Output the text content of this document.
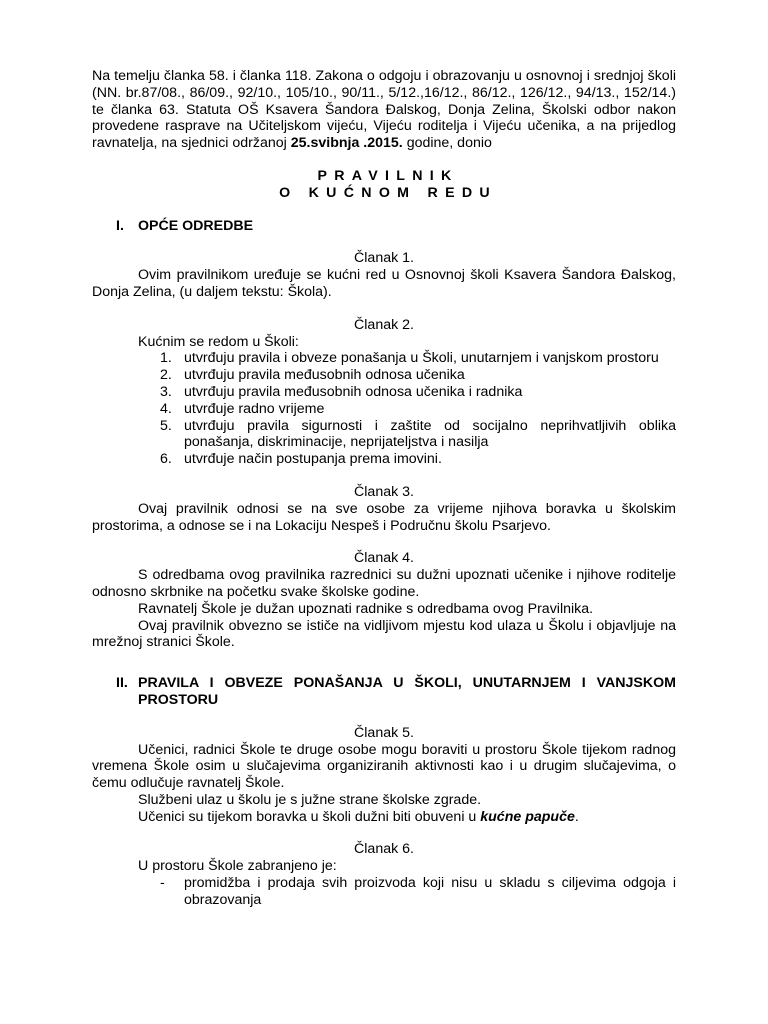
Na temelju članka 58. i članka 118. Zakona o odgoju i obrazovanju u osnovnoj i srednjoj školi (NN. br.87/08., 86/09., 92/10., 105/10., 90/11., 5/12.,16/12., 86/12., 126/12., 94/13., 152/14.) te članka 63. Statuta OŠ Ksavera Šandora Đalskog, Donja Zelina, Školski odbor nakon provedene rasprave na Učiteljskom vijeću, Vijeću roditelja i Vijeću učenika, a na prijedlog ravnatelja, na sjednici održanoj 25.svibnja .2015. godine, donio

PRAVILNIK

O KUĆNOM REDU

I. OPĆE ODREDBE

Članak 1.

Ovim pravilnikom uređuje se kućni red u Osnovnoj školi Ksavera Šandora Đalskog, Donja Zelina, (u daljem tekstu: Škola).

Članak 2.

Kućnim se redom u Školi:

1. utvrđuju pravila i obveze ponašanja u Školi, unutarnjem i vanjskom prostoru
2. utvrđuju pravila međusobnih odnosa učenika
3. utvrđuju pravila međusobnih odnosa učenika i radnika
4. utvrđuje radno vrijeme
5. utvrđuju pravila sigurnosti i zaštite od socijalno neprihvatljivih oblika ponašanja, diskriminacije, neprijateljstva i nasilja
6. utvrđuje način postupanja prema imovini.

Članak 3.

Ovaj pravilnik odnosi se na sve osobe za vrijeme njihova boravka u školskim prostorima, a odnose se i na Lokaciju Nespeš i Područnu školu Psarjevo.

Članak 4.

S odredbama ovog pravilnika razrednici su dužni upoznati učenike i njihove roditelje odnosno skrbnike na početku svake školske godine.

Ravnatelj Škole je dužan upoznati radnike s odredbama ovog Pravilnika.

Ovaj pravilnik obvezno se ističe na vidljivom mjestu kod ulaza u Školu i objavljuje na mrežnoj stranici Škole.

II. PRAVILA I OBVEZE PONAŠANJA U ŠKOLI, UNUTARNJEM I VANJSKOM PROSTORU

Članak 5.

Učenici, radnici Škole te druge osobe mogu boraviti u prostoru Škole tijekom radnog vremena Škole osim u slučajevima organiziranih aktivnosti kao i u drugim slučajevima, o čemu odlučuje ravnatelj Škole.

Službeni ulaz u školu je s južne strane školske zgrade.

Učenici su tijekom boravka u školi dužni biti obuveni u kućne papuče.

Članak 6.

U prostoru Škole zabranjeno je:

- promidžba i prodaja svih proizvoda koji nisu u skladu s ciljevima odgoja i obrazovanja
